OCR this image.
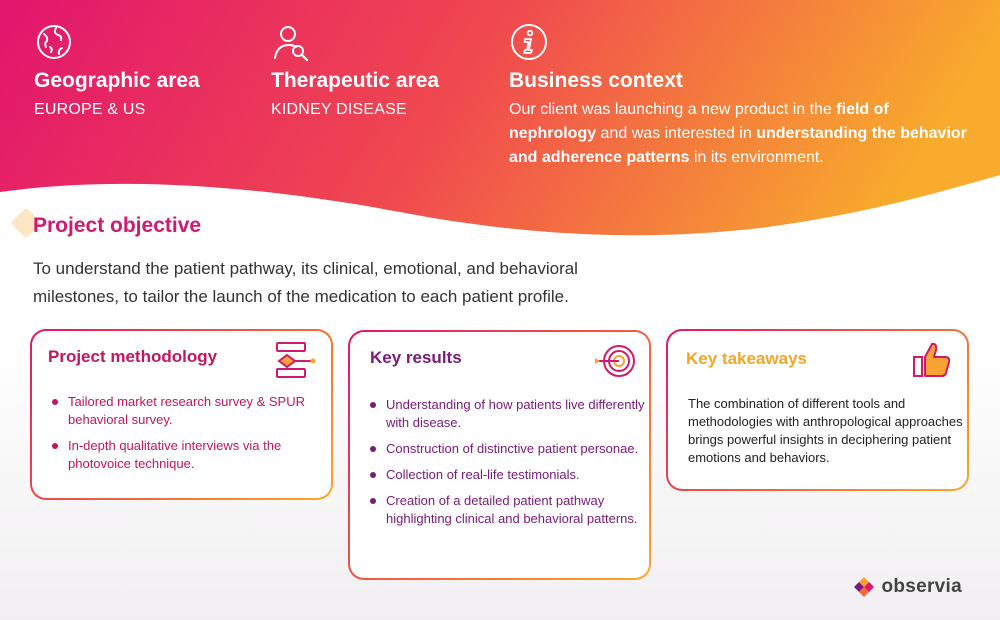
Geographic area
EUROPE & US
Therapeutic area
KIDNEY DISEASE
Business context

Our client was launching a new product in the field of nephrology and was interested in understanding the behavior and adherence patterns in its environment.

Project objective
To understand the patient pathway, its clinical, emotional, and behavioral milestones, to tailor the launch of the medication to each patient profile.
Project methodology
Tailored market research survey & SPUR behavioral survey.
In-depth qualitative interviews via the photovoice technique.
Key results
Understanding of how patients live differently with disease.
Construction of distinctive patient personae.
Collection of real-life testimonials.
Creation of a detailed patient pathway highlighting clinical and behavioral patterns.
Key takeaways

The combination of different tools and methodologies with anthropological approaches brings powerful insights in deciphering patient emotions and behaviors.

observia
